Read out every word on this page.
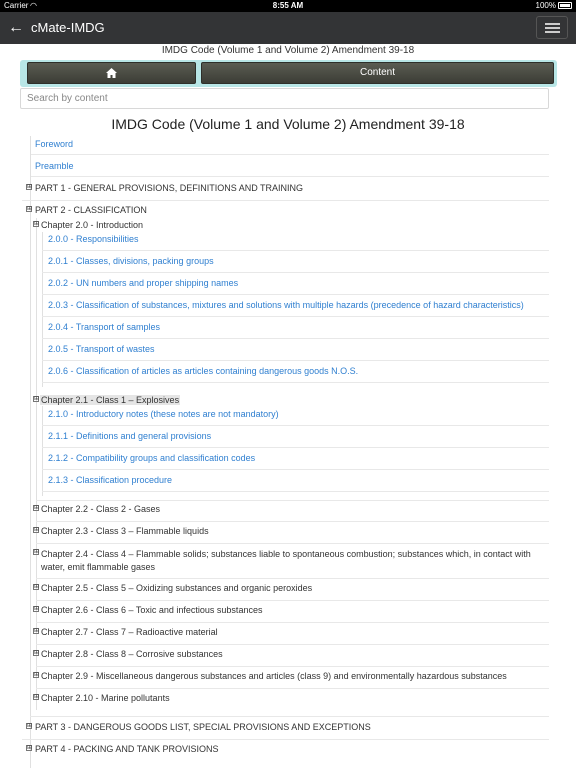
Carrier ◠	8:55 AM	100%
← cMate-IMDG
IMDG Code (Volume 1 and Volume 2) Amendment 39-18
Content
Search by content
IMDG Code (Volume 1 and Volume 2) Amendment 39-18
Foreword
Preamble
⊞ PART 1 - GENERAL PROVISIONS, DEFINITIONS AND TRAINING
⊞ PART 2 - CLASSIFICATION
⊞ Chapter 2.0 - Introduction
2.0.0 - Responsibilities
2.0.1 - Classes, divisions, packing groups
2.0.2 - UN numbers and proper shipping names
2.0.3 - Classification of substances, mixtures and solutions with multiple hazards (precedence of hazard characteristics)
2.0.4 - Transport of samples
2.0.5 - Transport of wastes
2.0.6 - Classification of articles as articles containing dangerous goods N.O.S.
⊞ Chapter 2.1 - Class 1 – Explosives
2.1.0 - Introductory notes (these notes are not mandatory)
2.1.1 - Definitions and general provisions
2.1.2 - Compatibility groups and classification codes
2.1.3 - Classification procedure
⊞ Chapter 2.2 - Class 2 - Gases
⊞ Chapter 2.3 - Class 3 – Flammable liquids
⊞ Chapter 2.4 - Class 4 – Flammable solids; substances liable to spontaneous combustion; substances which, in contact with water, emit flammable gases
⊞ Chapter 2.5 - Class 5 – Oxidizing substances and organic peroxides
⊞ Chapter 2.6 - Class 6 – Toxic and infectious substances
⊞ Chapter 2.7 - Class 7 – Radioactive material
⊞ Chapter 2.8 - Class 8 – Corrosive substances
⊞ Chapter 2.9 - Miscellaneous dangerous substances and articles (class 9) and environmentally hazardous substances
⊞ Chapter 2.10 - Marine pollutants
⊞ PART 3 - DANGEROUS GOODS LIST, SPECIAL PROVISIONS AND EXCEPTIONS
⊞ PART 4 - PACKING AND TANK PROVISIONS
